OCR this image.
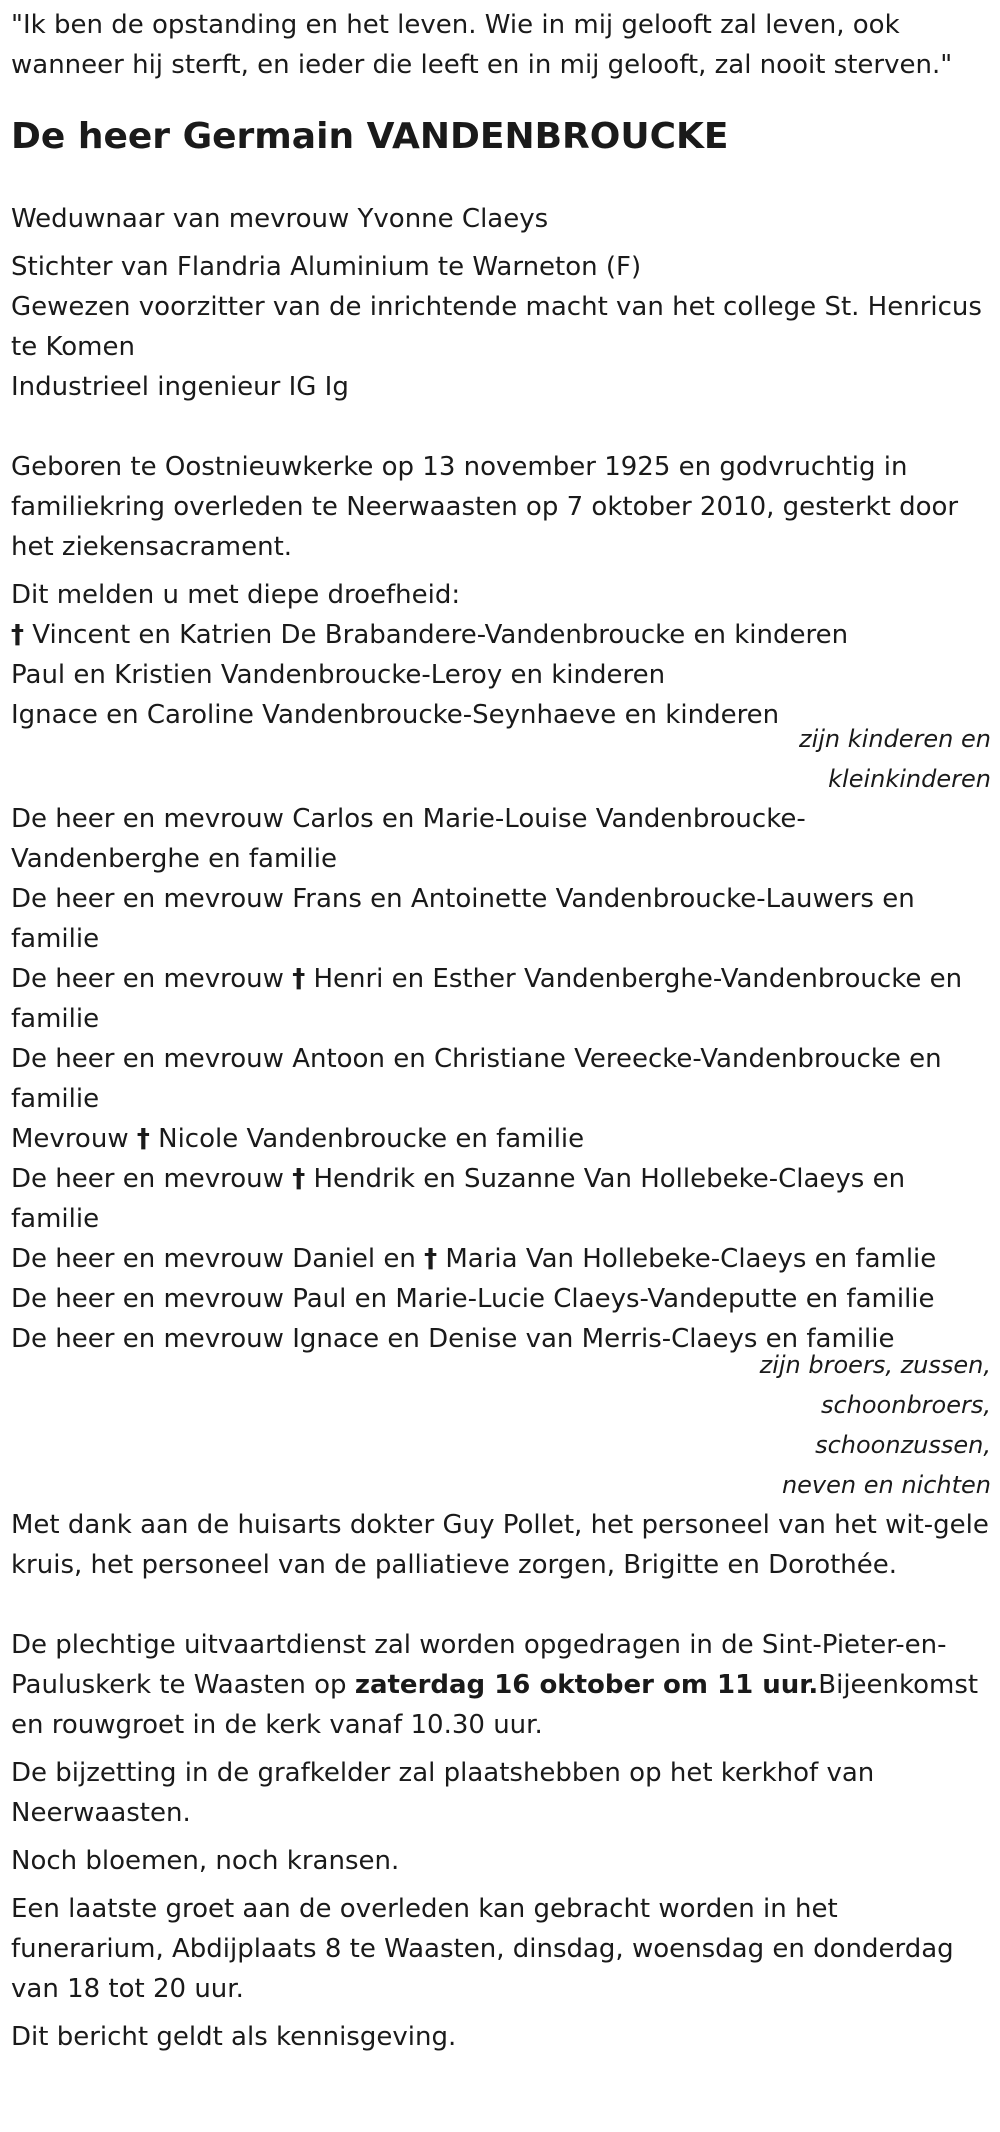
"Ik ben de opstanding en het leven. Wie in mij gelooft zal leven, ook wanneer hij sterft, en ieder die leeft en in mij gelooft, zal nooit sterven."

De heer Germain VANDENBROUCKE

Weduwnaar van mevrouw Yvonne Claeys

Stichter van Flandria Aluminium te Warneton (F)

Gewezen voorzitter van de inrichtende macht van het college St. Henricus te Komen

Industrieel ingenieur IG Ig

Geboren te Oostnieuwkerke op 13 november 1925 en godvruchtig in familiekring overleden te Neerwaasten op 7 oktober 2010, gesterkt door het ziekensacrament.

Dit melden u met diepe droefheid:

† Vincent en Katrien De Brabandere-Vandenbroucke en kinderen

Paul en Kristien Vandenbroucke-Leroy en kinderen

Ignace en Caroline Vandenbroucke-Seynhaeve en kinderen

zijn kinderen en
kleinkinderen

De heer en mevrouw Carlos en Marie-Louise Vandenbroucke-Vandenberghe en familie

De heer en mevrouw Frans en Antoinette Vandenbroucke-Lauwers en familie

De heer en mevrouw † Henri en Esther Vandenberghe-Vandenbroucke en familie

De heer en mevrouw Antoon en Christiane Vereecke-Vandenbroucke en familie

Mevrouw † Nicole Vandenbroucke en familie

De heer en mevrouw † Hendrik en Suzanne Van Hollebeke-Claeys en familie

De heer en mevrouw Daniel en † Maria Van Hollebeke-Claeys en famlie

De heer en mevrouw Paul en Marie-Lucie Claeys-Vandeputte en familie

De heer en mevrouw Ignace en Denise van Merris-Claeys en familie

zijn broers, zussen,
schoonbroers,
schoonzussen,
neven en nichten

Met dank aan de huisarts dokter Guy Pollet, het personeel van het wit-gele kruis, het personeel van de palliatieve zorgen, Brigitte en Dorothée.

De plechtige uitvaartdienst zal worden opgedragen in de Sint-Pieter-en-Pauluskerk te Waasten op zaterdag 16 oktober om 11 uur.Bijeenkomst en rouwgroet in de kerk vanaf 10.30 uur.

De bijzetting in de grafkelder zal plaatshebben op het kerkhof van Neerwaasten.

Noch bloemen, noch kransen.

Een laatste groet aan de overleden kan gebracht worden in het funerarium, Abdijplaats 8 te Waasten, dinsdag, woensdag en donderdag van 18 tot 20 uur.

Dit bericht geldt als kennisgeving.
